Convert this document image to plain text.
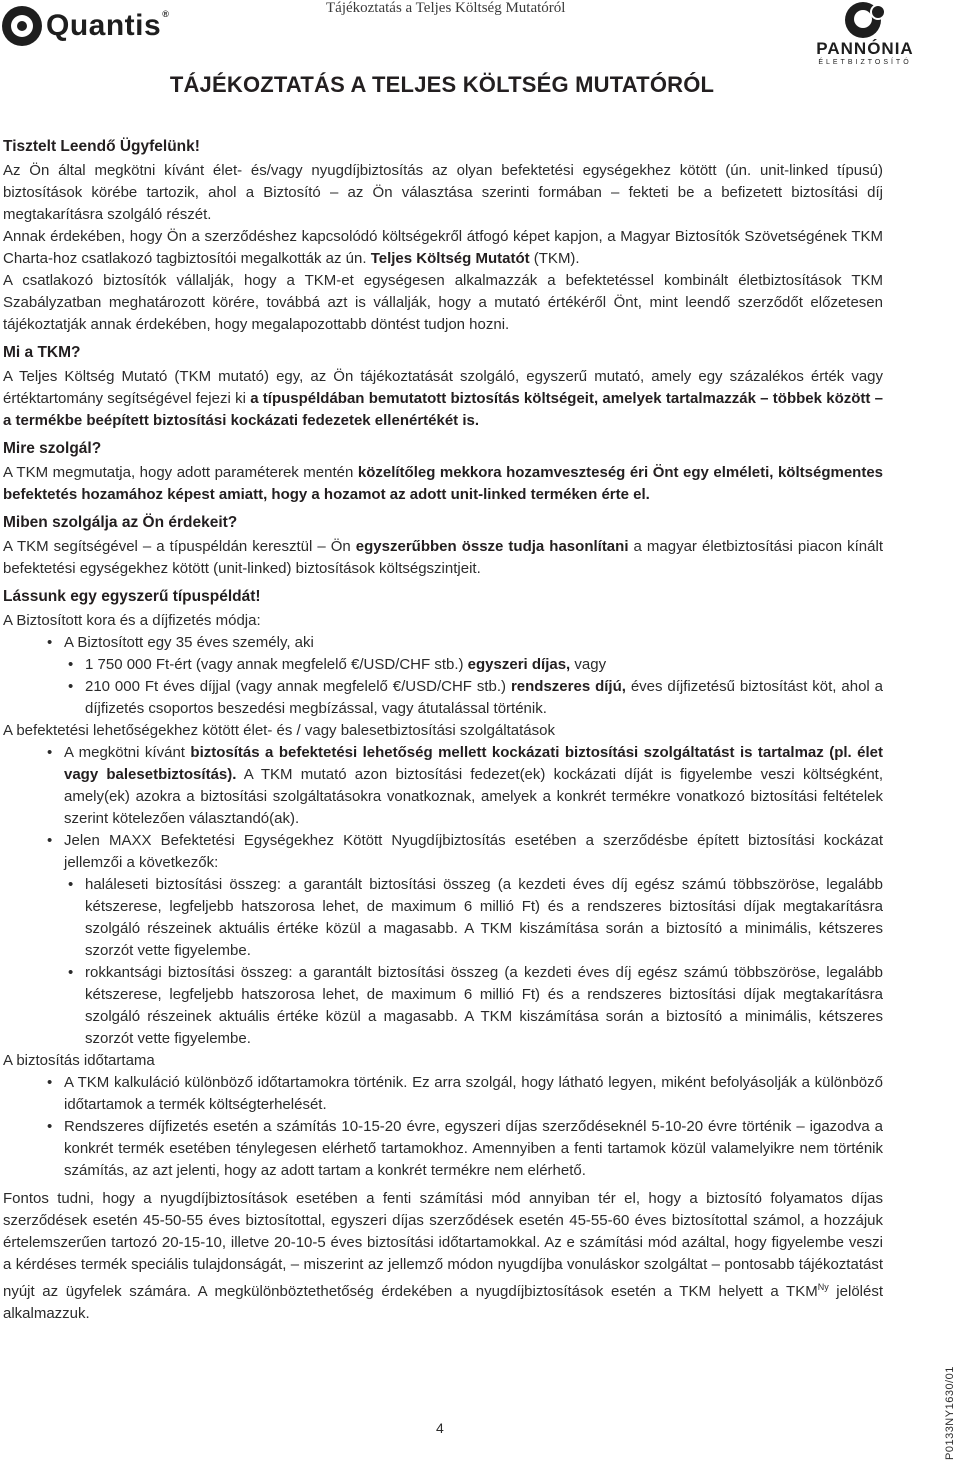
Quantis®	Tájékoztatás a Teljes Költség Mutatóról
PANNÓNIA
ÉLETBIZTOSÍTÓ
TÁJÉKOZTATÁS A TELJES KÖLTSÉG MUTATÓRÓL
Tisztelt Leendő Ügyfelünk!

Az Ön által megkötni kívánt élet- és/vagy nyugdíjbiztosítás az olyan befektetési egységekhez kötött (ún. unit-linked típusú) biztosítások körébe tartozik, ahol a Biztosító – az Ön választása szerinti formában – fekteti be a befizetett biztosítási díj megtakarításra szolgáló részét.

Annak érdekében, hogy Ön a szerződéshez kapcsolódó költségekről átfogó képet kapjon, a Magyar Biztosítók Szövetségének TKM Charta-hoz csatlakozó tagbiztosítói megalkották az ún. Teljes Költség Mutatót (TKM).

A csatlakozó biztosítók vállalják, hogy a TKM-et egységesen alkalmazzák a befektetéssel kombinált életbiztosítások TKM Szabályzatban meghatározott körére, továbbá azt is vállalják, hogy a mutató értékéről Önt, mint leendő szerződőt előzetesen tájékoztatják annak érdekében, hogy megalapozottabb döntést tudjon hozni.

Mi a TKM?

A Teljes Költség Mutató (TKM mutató) egy, az Ön tájékoztatását szolgáló, egyszerű mutató, amely egy százalékos érték vagy értéktartomány segítségével fejezi ki a típuspéldában bemutatott biztosítás költségeit, amelyek tartalmazzák – többek között – a termékbe beépített biztosítási kockázati fedezetek ellenértékét is.

Mire szolgál?

A TKM megmutatja, hogy adott paraméterek mentén közelítőleg mekkora hozamveszteség éri Önt egy elméleti, költségmentes befektetés hozamához képest amiatt, hogy a hozamot az adott unit-linked terméken érte el.

Miben szolgálja az Ön érdekeit?

A TKM segítségével – a típuspéldán keresztül – Ön egyszerűbben össze tudja hasonlítani a magyar életbiztosítási piacon kínált befektetési egységekhez kötött (unit-linked) biztosítások költségszintjeit.

Lássunk egy egyszerű típuspéldát!

A Biztosított kora és a díjfizetés módja:

• A Biztosított egy 35 éves személy, aki
• 1 750 000 Ft-ért (vagy annak megfelelő €/USD/CHF stb.) egyszeri díjas, vagy
• 210 000 Ft éves díjjal (vagy annak megfelelő €/USD/CHF stb.) rendszeres díjú, éves díjfizetésű biztosítást köt, ahol a díjfizetés csoportos beszedési megbízással, vagy átutalással történik.

A befektetési lehetőségekhez kötött élet- és / vagy balesetbiztosítási szolgáltatások

• A megkötni kívánt biztosítás a befektetési lehetőség mellett kockázati biztosítási szolgáltatást is tartalmaz (pl. élet vagy balesetbiztosítás). A TKM mutató azon biztosítási fedezet(ek) kockázati díját is figyelembe veszi költségként, amely(ek) azokra a biztosítási szolgáltatásokra vonatkoznak, amelyek a konkrét termékre vonatkozó biztosítási feltételek szerint kötelezően választandó(ak).
• Jelen MAXX Befektetési Egységekhez Kötött Nyugdíjbiztosítás esetében a szerződésbe épített biztosítási kockázat jellemzői a következők:
• haláleseti biztosítási összeg: a garantált biztosítási összeg (a kezdeti éves díj egész számú többszöröse, legalább kétszerese, legfeljebb hatszorosa lehet, de maximum 6 millió Ft) és a rendszeres biztosítási díjak megtakarításra szolgáló részeinek aktuális értéke közül a magasabb. A TKM kiszámítása során a biztosító a minimális, kétszeres szorzót vette figyelembe.
• rokkantsági biztosítási összeg: a garantált biztosítási összeg (a kezdeti éves díj egész számú többszöröse, legalább kétszerese, legfeljebb hatszorosa lehet, de maximum 6 millió Ft) és a rendszeres biztosítási díjak megtakarításra szolgáló részeinek aktuális értéke közül a magasabb. A TKM kiszámítása során a biztosító a minimális, kétszeres szorzót vette figyelembe.

A biztosítás időtartama

• A TKM kalkuláció különböző időtartamokra történik. Ez arra szolgál, hogy látható legyen, miként befolyásolják a különböző időtartamok a termék költségterhelését.
• Rendszeres díjfizetés esetén a számítás 10-15-20 évre, egyszeri díjas szerződéseknél 5-10-20 évre történik – igazodva a konkrét termék esetében ténylegesen elérhető tartamokhoz. Amennyiben a fenti tartamok közül valamelyikre nem történik számítás, az azt jelenti, hogy az adott tartam a konkrét termékre nem elérhető.

Fontos tudni, hogy a nyugdíjbiztosítások esetében a fenti számítási mód annyiban tér el, hogy a biztosító folyamatos díjas szerződések esetén 45-50-55 éves biztosítottal, egyszeri díjas szerződések esetén 45-55-60 éves biztosítottal számol, a hozzájuk értelemszerűen tartozó 20-15-10, illetve 20-10-5 éves biztosítási időtartamokkal. Az e számítási mód azáltal, hogy figyelembe veszi a kérdéses termék speciális tulajdonságát, – miszerint az jellemző módon nyugdíjba vonuláskor szolgáltat – pontosabb tájékoztatást nyújt az ügyfelek számára. A megkülönböztethetőség érdekében a nyugdíjbiztosítások esetén a TKM helyett a $TKM^{Ny}$ jelölést alkalmazzuk.

4	P0133NY1630/01
